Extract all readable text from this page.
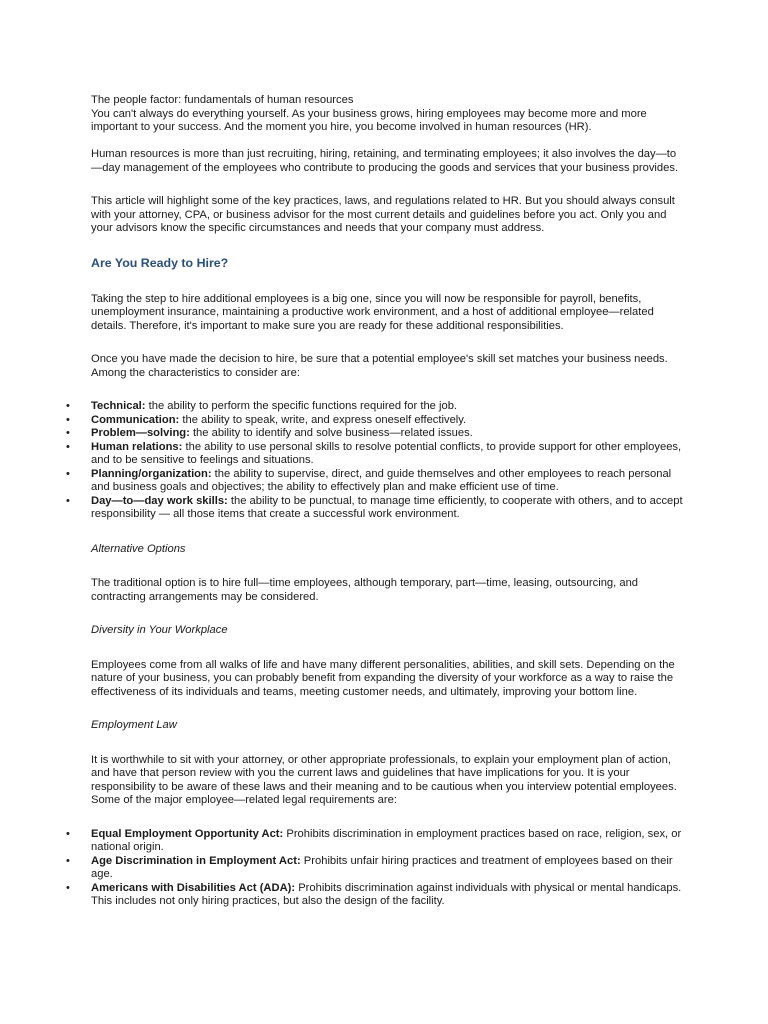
The people factor: fundamentals of human resources
You can't always do everything yourself. As your business grows, hiring employees may become more and more important to your success. And the moment you hire, you become involved in human resources (HR).

Human resources is more than just recruiting, hiring, retaining, and terminating employees; it also involves the day—to—day management of the employees who contribute to producing the goods and services that your business provides.

This article will highlight some of the key practices, laws, and regulations related to HR. But you should always consult with your attorney, CPA, or business advisor for the most current details and guidelines before you act. Only you and your advisors know the specific circumstances and needs that your company must address.

Are You Ready to Hire?

Taking the step to hire additional employees is a big one, since you will now be responsible for payroll, benefits, unemployment insurance, maintaining a productive work environment, and a host of additional employee—related details. Therefore, it's important to make sure you are ready for these additional responsibilities.

Once you have made the decision to hire, be sure that a potential employee's skill set matches your business needs. Among the characteristics to consider are:

• Technical: the ability to perform the specific functions required for the job.
• Communication: the ability to speak, write, and express oneself effectively.
• Problem—solving: the ability to identify and solve business—related issues.
• Human relations: the ability to use personal skills to resolve potential conflicts, to provide support for other employees, and to be sensitive to feelings and situations.
• Planning/organization: the ability to supervise, direct, and guide themselves and other employees to reach personal and business goals and objectives; the ability to effectively plan and make efficient use of time.
• Day—to—day work skills: the ability to be punctual, to manage time efficiently, to cooperate with others, and to accept responsibility — all those items that create a successful work environment.

Alternative Options

The traditional option is to hire full—time employees, although temporary, part—time, leasing, outsourcing, and contracting arrangements may be considered.

Diversity in Your Workplace

Employees come from all walks of life and have many different personalities, abilities, and skill sets. Depending on the nature of your business, you can probably benefit from expanding the diversity of your workforce as a way to raise the effectiveness of its individuals and teams, meeting customer needs, and ultimately, improving your bottom line.

Employment Law

It is worthwhile to sit with your attorney, or other appropriate professionals, to explain your employment plan of action, and have that person review with you the current laws and guidelines that have implications for you. It is your responsibility to be aware of these laws and their meaning and to be cautious when you interview potential employees. Some of the major employee—related legal requirements are:

• Equal Employment Opportunity Act: Prohibits discrimination in employment practices based on race, religion, sex, or national origin.
• Age Discrimination in Employment Act: Prohibits unfair hiring practices and treatment of employees based on their age.
• Americans with Disabilities Act (ADA): Prohibits discrimination against individuals with physical or mental handicaps. This includes not only hiring practices, but also the design of the facility.
